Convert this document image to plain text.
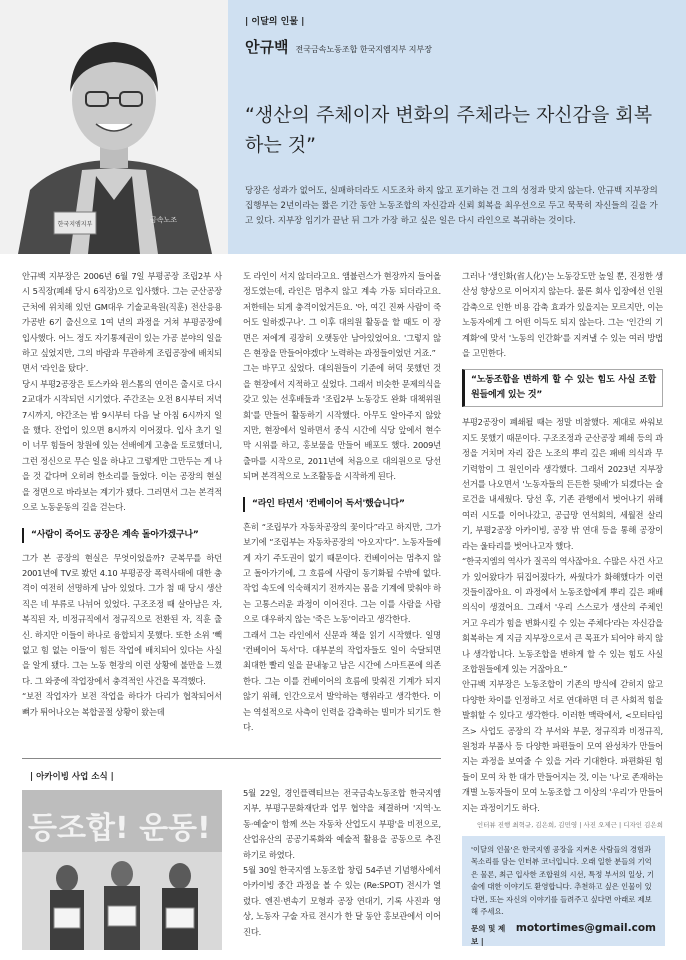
한국지엠지부
금속노조
| 이달의 인물 |
안규백 전국금속노동조합 한국지엠지부 지부장
“생산의 주체이자 변화의 주체라는 자신감을 회복하는 것”
당장은 성과가 없어도, 실패하더라도 시도조차 하지 않고 포기하는 건 그의 성정과 맞지 않는다. 안규백 지부장의 집행부는 2년이라는 짧은 기간 동안 노동조합의 자신감과 신뢰 회복을 최우선으로 두고 묵묵히 자신들의 길을 가고 있다. 지부장 임기가 끝난 뒤 그가 가장 하고 싶은 일은 다시 라인으로 복귀하는 것이다.

안규백 지부장은 2006년 6월 7일 부평공장 조립2부 사시 5직장(폐쇄 당시 6직장)으로 입사했다. 그는 군산공장 근처에 위치해 있던 GM대우 기술교육원(직훈) 전산응용가공반 6기 출신으로 1여 년의 과정을 거쳐 부평공장에 입사했다. 어느 정도 자기통제권이 있는 가공 분야의 일을 하고 싶었지만, 그의 바람과 무관하게 조립공장에 배치되면서 '라인을 탔다'.

당시 부평2공장은 토스카와 윈스톰의 연이은 출시로 다시 2교대가 시작되던 시기였다. 주간조는 오전 8시부터 저녁 7시까지, 야간조는 밤 9시부터 다음 날 아침 6시까지 일을 했다. 잔업이 있으면 8시까지 이어졌다. 입사 초기 일이 너무 힘들어 창원에 있는 선배에게 고충을 토로했더니, 그런 정신으로 무슨 일을 하냐고 그렇게만 그만두는 게 나을 것 같다며 오히려 한소리를 들었다. 이는 공장의 현실을 정면으로 바라보는 계기가 됐다. 그러면서 그는 본격적으로 노동운동의 길을 걷는다.

“사람이 죽어도 공장은 계속 돌아가겠구나”

그가 본 공장의 현실은 무엇이었을까? 군복무를 하던 2001년에 TV로 봤던 4.10 부평공장 폭력사태에 대한 충격이 여전히 선명하게 남아 있었다. 그가 첨 때 당시 생산직은 네 부류로 나뉘어 있었다. 구조조정 때 살아남은 자, 복직된 자, 비정규직에서 정규직으로 전환된 자, 직훈 출신. 하지만 이들이 하나로 융합되지 못했다. 또한 소위 '빽 없고 힘 없는 이들'이 힘든 작업에 배치되어 있다는 사실을 알게 됐다. 그는 노동 현장의 이런 상황에 불만을 느꼈다. 그 와중에 작업장에서 충격적인 사건을 목격했다.

“보전 작업자가 보전 작업을 하다가 다리가 협착되어서 뼈가 튀어나오는 복합골절 상황이 왔는데

도 라인이 서지 않더라고요. 앰뷸런스가 현장까지 들어올 정도였는데, 라인은 멈추지 않고 계속 가동 되더라고요. 저한테는 되게 충격이었거든요. '아, 여긴 진짜 사람이 죽어도 일하겠구나'. 그 이후 대의원 활동을 할 때도 이 장면은 저에게 굉장히 오랫동안 남아있었어요. '그렇지 않은 현장을 만들어야겠다' 노력하는 과정들이었던 거죠.”

그는 바꾸고 싶었다. 대의원들이 기준에 허덕 못했던 것을 현장에서 지적하고 싶었다. 그래서 비슷한 문제의식을 갖고 있는 선후배들과 '조립2부 노동강도 완화 대책위원회'를 만들어 활동하기 시작했다. 아무도 알아주지 않았지만, 현장에서 일하면서 중식 시간에 식당 앞에서 현수막 시위를 하고, 홍보물을 만들어 배포도 했다. 2009년 출마를 시작으로, 2011년에 처음으로 대의원으로 당선되며 본격적으로 노조활동을 시작하게 된다.

“라인 타면서 '컨베이어 독서'했습니다”

흔히 “조립부가 자동차공장의 꽃이다”라고 하지만, 그가 보기에 “조립부는 자동차공장의 '아오지'다”. 노동자들에게 자기 주도권이 없기 때문이다. 컨베이어는 멈추지 않고 돌아가기에, 그 흐름에 사람이 동기화될 수밖에 없다. 작업 속도에 익숙해지기 전까지는 몸을 기계에 맞춰야 하는 고통스러운 과정이 이어진다. 그는 이를 사람을 사람으로 대우하지 않는 '죽은 노동'이라고 생각한다.

그래서 그는 라인에서 신문과 책을 읽기 시작했다. 일명 '컨베이어 독서'다. 대부분의 작업자들도 일이 숙달되면 최대한 빨리 일을 끝내놓고 남은 시간에 스마트폰에 의존한다. 그는 이를 컨베이어의 흐름에 맞춰진 기계가 되지 않기 위해, 인간으로서 발악하는 행위라고 생각한다. 이는 역설적으로 사측이 인력을 감축하는 빌미가 되기도 한다.

그러나 '생인화(省人化)'는 노동강도만 높일 뿐, 진정한 생산성 향상으로 이어지지 않는다. 물론 회사 입장에선 인원 감축으로 인한 비용 감축 효과가 있을지는 모르지만, 이는 노동자에게 그 어떤 이득도 되지 않는다. 그는 '인간의 기계화'에 맞서 '노동의 인간화'를 지켜낼 수 있는 여러 방법을 고민한다.

“노동조합을 변하게 할 수 있는 힘도 사실 조합원들에게 있는 것”

부평2공장이 폐쇄될 때는 정말 비참했다. 제대로 싸워보지도 못했기 때문이다. 구조조정과 군산공장 폐쇄 등의 과정을 거치며 자리 잡은 노조의 뿌리 깊은 패배 의식과 무기력함이 그 원인이라 생각했다. 그래서 2023년 지부장 선거를 나오면서 '노동자들의 든든한 뒷배'가 되겠다는 슬로건을 내세웠다. 당선 후, 기존 관행에서 벗어나기 위해 여러 시도를 이어나갔고, 공급망 연석회의, 세월전 살리기, 부평2공장 아카이빙, 공장 밖 연대 등을 통해 공장이라는 울타리를 벗어나고자 했다.

“한국지엠의 역사가 질곡의 역사잖아요. 수많은 사건 사고가 있어왔다가 뒤집어졌다가, 싸웠다가 화해했다가 이런 것들이잖아요. 이 과정에서 노동조합에게 뿌리 깊은 패배 의식이 생겼어요. 그래서 '우리 스스로가 생산의 주체인 거고 우리가 힘을 변화시킬 수 있는 주체다'라는 자신감을 회복하는 게 지금 지부장으로서 큰 목표가 되어야 하지 않나 생각합니다. 노동조합을 변하게 할 수 있는 힘도 사실 조합원들에게 있는 거잖아요.”

안규백 지부장은 노동조합이 기존의 방식에 갇히지 않고 다양한 차이를 인정하고 서로 연대하면 더 큰 사회적 힘을 발휘할 수 있다고 생각한다. 이러한 맥락에서, <모터타임즈> 사업도 공장의 각 부서와 부문, 정규직과 비정규직, 원청과 부품사 등 다양한 파편들이 모여 완성차가 만들어지는 과정을 보여줄 수 있을 거라 기대한다. 파편화된 힘들이 모여 차 한 대가 만들어지는 것, 이는 '나'로 존재하는 개별 노동자들이 모여 노동조합 그 이상의 '우리'가 만들어지는 과정이기도 하다.

인터뷰 진행 최혁규, 김은희, 김민영 | 사진 오제근 | 디자인 김은희
| 아카이빙 사업 소식 |
등조합! 운동!

5월 22일, 경인플렉티브는 전국금속노동조합 한국지엠지부, 부평구문화재단과 업무 협약을 체결하며 '지역·노동·예술'이 함께 쓰는 자동차 산업도시 부평'을 비전으로, 산업유산의 공공기록화와 예술적 활용을 공동으로 추진하기로 하였다.

5월 30일 한국지엠 노동조합 창립 54주년 기념행사에서 아카이빙 중간 과정을 볼 수 있는 (Re:SPOT) 전시가 열렸다. 엔진·변속기 모형과 공장 연대기, 기록 사진과 영상, 노동자 구술 자료 전시가 한 달 동안 홍보관에서 이어진다.

'이달의 인물'은 한국지엠 공장을 지켜온 사람들의 경험과 목소리를 담는 인터뷰 코너입니다. 오래 일한 분들의 기억은 물론, 최근 입사한 조합원의 시선, 특정 부서의 일상, 기술에 대한 이야기도 환영합니다. 추천하고 싶은 인물이 있다면, 또는 자신의 이야기를 들려주고 싶다면 아래로 제보해 주세요.
문의 및 제보 |
motortimes@gmail.com
